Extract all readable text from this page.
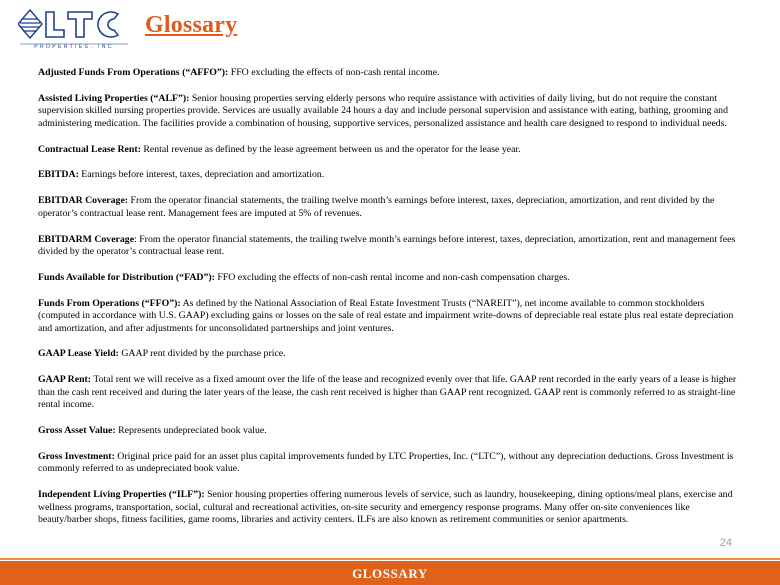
PROPERTIES, INC
Glossary

Adjusted Funds From Operations (“AFFO”): FFO excluding the effects of non-cash rental income.

Assisted Living Properties (“ALF”): Senior housing properties serving elderly persons who require assistance with activities of daily living, but do not require the constant supervision skilled nursing properties provide. Services are usually available 24 hours a day and include personal supervision and assistance with eating, bathing, grooming and administering medication. The facilities provide a combination of housing, supportive services, personalized assistance and health care designed to respond to individual needs.

Contractual Lease Rent: Rental revenue as defined by the lease agreement between us and the operator for the lease year.

EBITDA: Earnings before interest, taxes, depreciation and amortization.

EBITDAR Coverage: From the operator financial statements, the trailing twelve month’s earnings before interest, taxes, depreciation, amortization, and rent divided by the operator’s contractual lease rent. Management fees are imputed at 5% of revenues.

EBITDARM Coverage: From the operator financial statements, the trailing twelve month’s earnings before interest, taxes, depreciation, amortization, rent and management fees divided by the operator’s contractual lease rent.

Funds Available for Distribution (“FAD”): FFO excluding the effects of non-cash rental income and non-cash compensation charges.

Funds From Operations (“FFO”): As defined by the National Association of Real Estate Investment Trusts (“NAREIT”), net income available to common stockholders (computed in accordance with U.S. GAAP) excluding gains or losses on the sale of real estate and impairment write-downs of depreciable real estate plus real estate depreciation and amortization, and after adjustments for unconsolidated partnerships and joint ventures.

GAAP Lease Yield: GAAP rent divided by the purchase price.

GAAP Rent: Total rent we will receive as a fixed amount over the life of the lease and recognized evenly over that life. GAAP rent recorded in the early years of a lease is higher than the cash rent received and during the later years of the lease, the cash rent received is higher than GAAP rent recognized. GAAP rent is commonly referred to as straight-line rental income.

Gross Asset Value: Represents undepreciated book value.

Gross Investment: Original price paid for an asset plus capital improvements funded by LTC Properties, Inc. (“LTC”), without any depreciation deductions. Gross Investment is commonly referred to as undepreciated book value.

Independent Living Properties (“ILF”): Senior housing properties offering numerous levels of service, such as laundry, housekeeping, dining options/meal plans, exercise and wellness programs, transportation, social, cultural and recreational activities, on-site security and emergency response programs. Many offer on-site conveniences like beauty/barber shops, fitness facilities, game rooms, libraries and activity centers. ILFs are also known as retirement communities or senior apartments.

24
GLOSSARY
